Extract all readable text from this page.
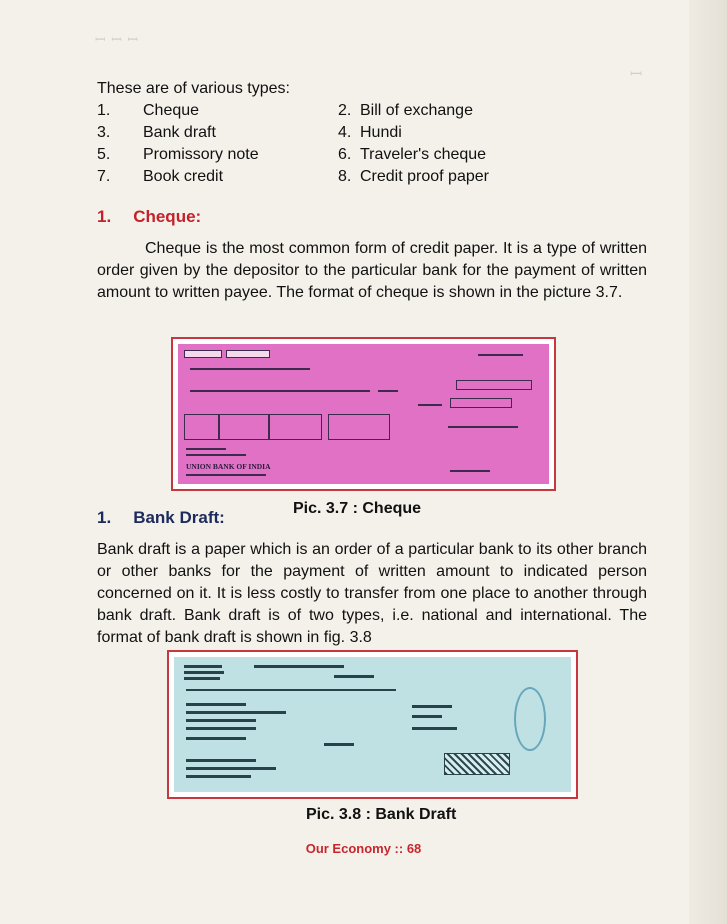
ꟷ ꟷ ꟷ
ꟷ
These are of various types:
1.	Cheque	2. Bill of exchange
3.	Bank draft	4. Hundi
5.	Promissory note	6. Traveler's cheque
7.	Book credit	8. Credit proof paper
1. Cheque:
Cheque is the most common form of credit paper. It is a type of written order given by the depositor to the particular bank for the payment of written amount to written payee. The format of cheque is shown in the picture 3.7.
UNION BANK OF INDIA
Pic. 3.7 : Cheque
1. Bank Draft:
Bank draft is a paper which is an order of a particular bank to its other branch or other banks for the payment of written amount to indicated person concerned on it. It is less costly to transfer from one place to another through bank draft. Bank draft is of two types, i.e. national and international. The format of bank draft is shown in fig. 3.8
Pic. 3.8 : Bank Draft
Our Economy :: 68
